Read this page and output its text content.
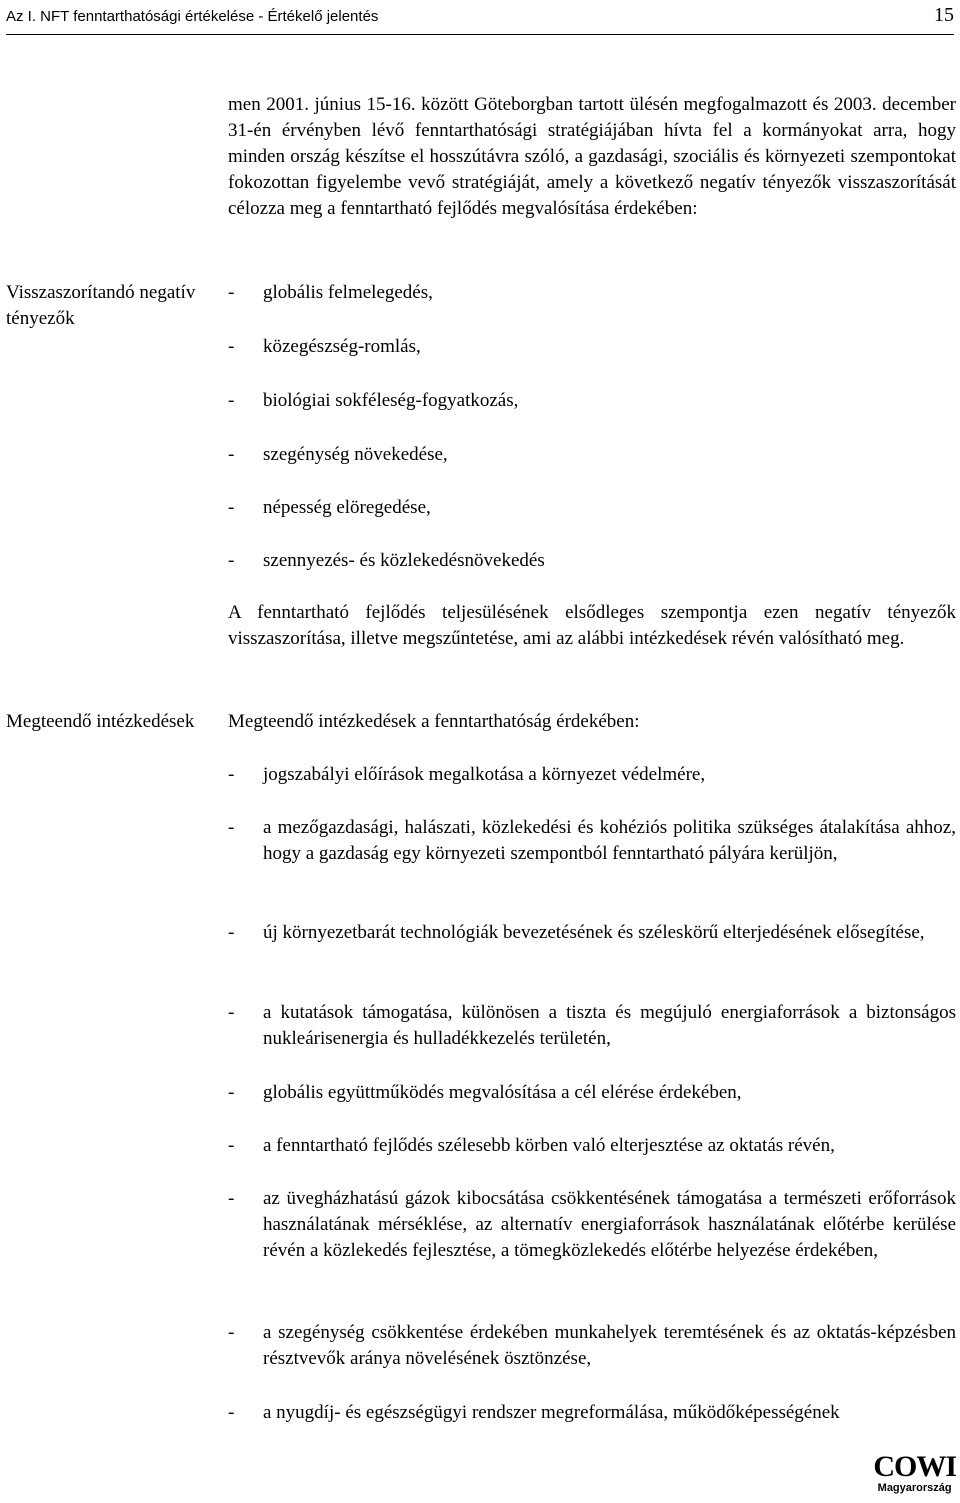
Az I. NFT fenntarthatósági értékelése - Értékelő jelentés	15

men 2001. június 15-16. között Göteborgban tartott ülésén megfogalmazott és 2003. december 31-én érvényben lévő fenntarthatósági stratégiájában hívta fel a kormányokat arra, hogy minden ország készítse el hosszútávra szóló, a gazdasági, szociális és környezeti szempontokat fokozottan figyelembe vevő stratégiáját, amely a következő negatív tényezők visszaszorítását célozza meg a fenntartható fejlődés megvalósítása érdekében:

Visszaszorítandó negatív tényezők
- globális felmelegedés,
- közegészség-romlás,
- biológiai sokféleség-fogyatkozás,
- szegénység növekedése,
- népesség elöregedése,
- szennyezés- és közlekedésnövekedés

A fenntartható fejlődés teljesülésének elsődleges szempontja ezen negatív tényezők visszaszorítása, illetve megszűntetése, ami az alábbi intézkedések révén valósítható meg.

Megteendő intézkedések Megteendő intézkedések a fenntarthatóság érdekében:

- jogszabályi előírások megalkotása a környezet védelmére,
- a mezőgazdasági, halászati, közlekedési és kohéziós politika szükséges átalakítása ahhoz, hogy a gazdaság egy környezeti szempontból fenntartható pályára kerüljön,
- új környezetbarát technológiák bevezetésének és széleskörű elterjedésének elősegítése,
- a kutatások támogatása, különösen a tiszta és megújuló energiaforrások a biztonságos nukleárisenergia és hulladékkezelés területén,
- globális együttműködés megvalósítása a cél elérése érdekében,
- a fenntartható fejlődés szélesebb körben való elterjesztése az oktatás révén,
- az üvegházhatású gázok kibocsátása csökkentésének támogatása a természeti erőforrások használatának mérséklése, az alternatív energiaforrások használatának előtérbe kerülése révén a közlekedés fejlesztése, a tömegközlekedés előtérbe helyezése érdekében,
- a szegénység csökkentése érdekében munkahelyek teremtésének és az oktatás-képzésben résztvevők aránya növelésének ösztönzése,
- a nyugdíj- és egészségügyi rendszer megreformálása, működőképességének
COWI
Magyarország
